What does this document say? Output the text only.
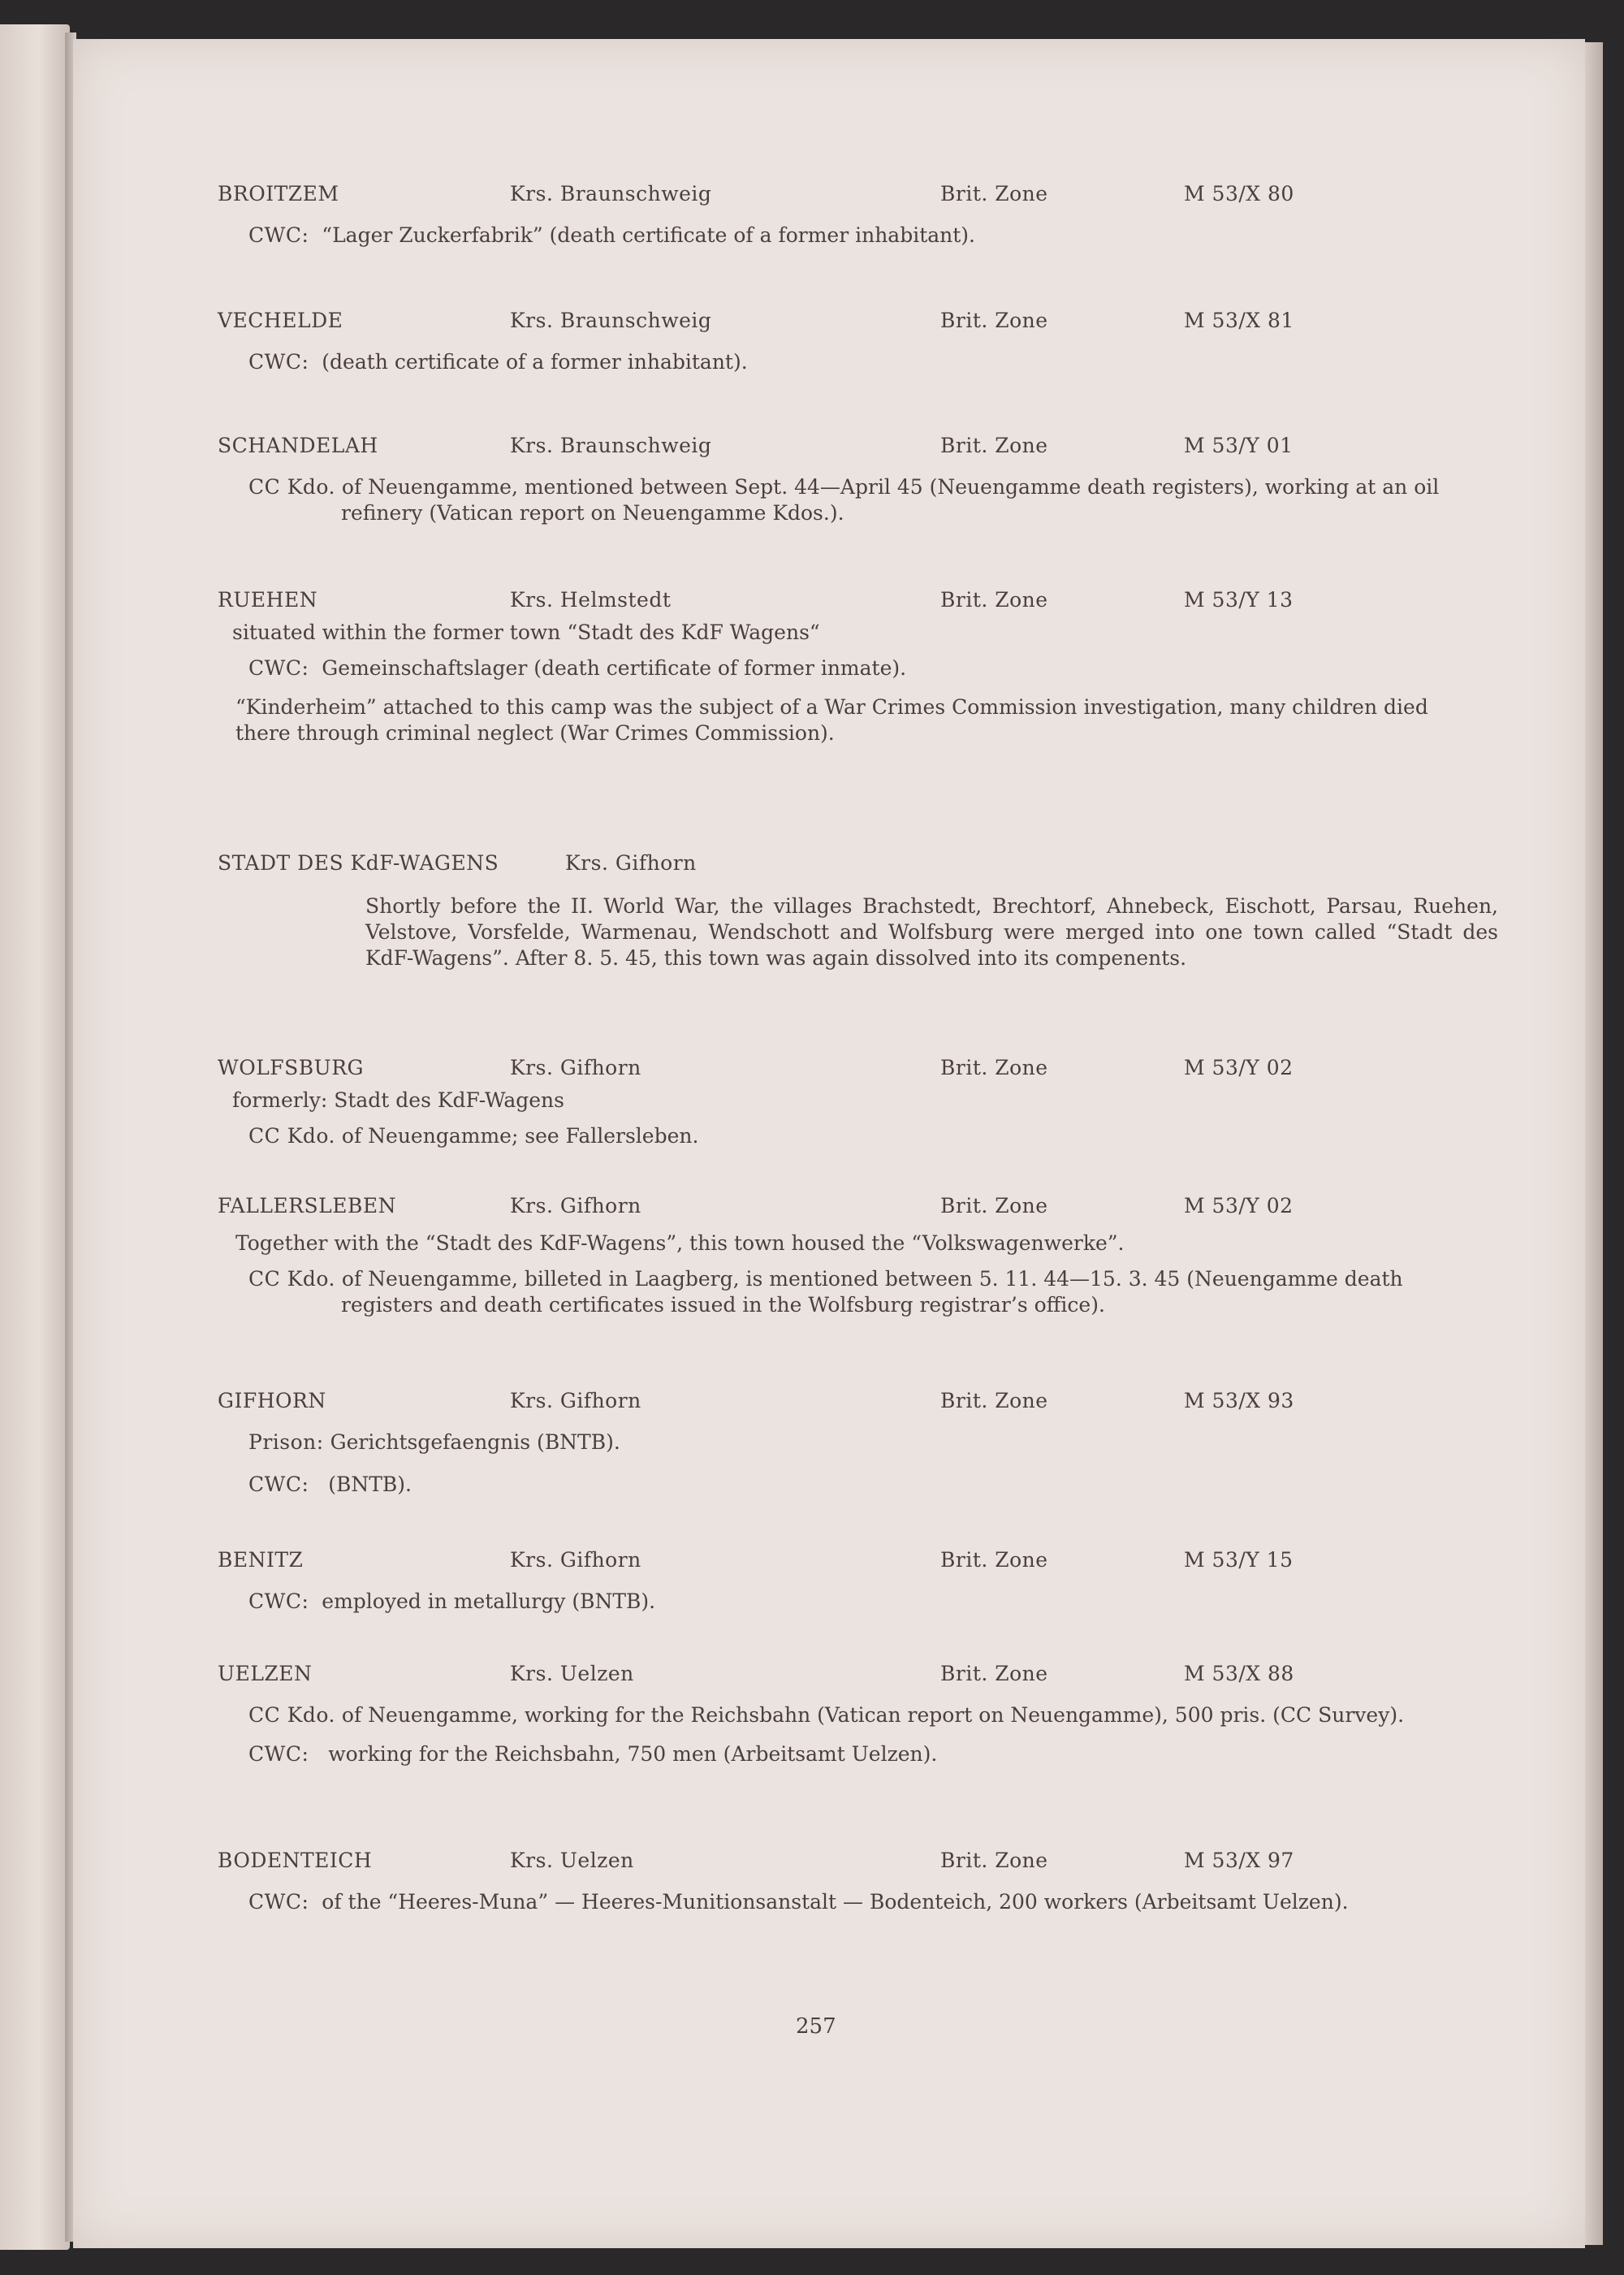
BROITZEM	Krs. Braunschweig	Brit. Zone	M 53/X 80
CWC: “Lager Zuckerfabrik” (death certificate of a former inhabitant).
VECHELDE	Krs. Braunschweig	Brit. Zone	M 53/X 81
CWC: (death certificate of a former inhabitant).
SCHANDELAH	Krs. Braunschweig	Brit. Zone	M 53/Y 01
CC Kdo. of Neuengamme, mentioned between Sept. 44—April 45 (Neuengamme death registers), working at an oil refinery (Vatican report on Neuengamme Kdos.).
RUEHEN	Krs. Helmstedt	Brit. Zone	M 53/Y 13
situated within the former town “Stadt des KdF Wagens“
CWC: Gemeinschaftslager (death certificate of former inmate).
“Kinderheim” attached to this camp was the subject of a War Crimes Commission investigation, many children died there through criminal neglect (War Crimes Commission).
STADT DES KdF-WAGENS	Krs. Gifhorn
Shortly before the II. World War, the villages Brachstedt, Brechtorf, Ahnebeck, Eischott, Parsau, Ruehen, Velstove, Vorsfelde, Warmenau, Wendschott and Wolfsburg were merged into one town called “Stadt des KdF-Wagens”. After 8. 5. 45, this town was again dissolved into its compenents.
WOLFSBURG	Krs. Gifhorn	Brit. Zone	M 53/Y 02
formerly: Stadt des KdF-Wagens
CC Kdo. of Neuengamme; see Fallersleben.
FALLERSLEBEN	Krs. Gifhorn	Brit. Zone	M 53/Y 02
Together with the “Stadt des KdF-Wagens”, this town housed the “Volkswagenwerke”.
CC Kdo. of Neuengamme, billeted in Laagberg, is mentioned between 5. 11. 44—15. 3. 45 (Neuengamme death registers and death certificates issued in the Wolfsburg registrar’s office).
GIFHORN	Krs. Gifhorn	Brit. Zone	M 53/X 93
Prison: Gerichtsgefaengnis (BNTB).
CWC: (BNTB).
BENITZ	Krs. Gifhorn	Brit. Zone	M 53/Y 15
CWC: employed in metallurgy (BNTB).
UELZEN	Krs. Uelzen	Brit. Zone	M 53/X 88
CC Kdo. of Neuengamme, working for the Reichsbahn (Vatican report on Neuengamme), 500 pris. (CC Survey).
CWC: working for the Reichsbahn, 750 men (Arbeitsamt Uelzen).
BODENTEICH	Krs. Uelzen	Brit. Zone	M 53/X 97
CWC: of the “Heeres-Muna” — Heeres-Munitionsanstalt — Bodenteich, 200 workers (Arbeitsamt Uelzen).
257
